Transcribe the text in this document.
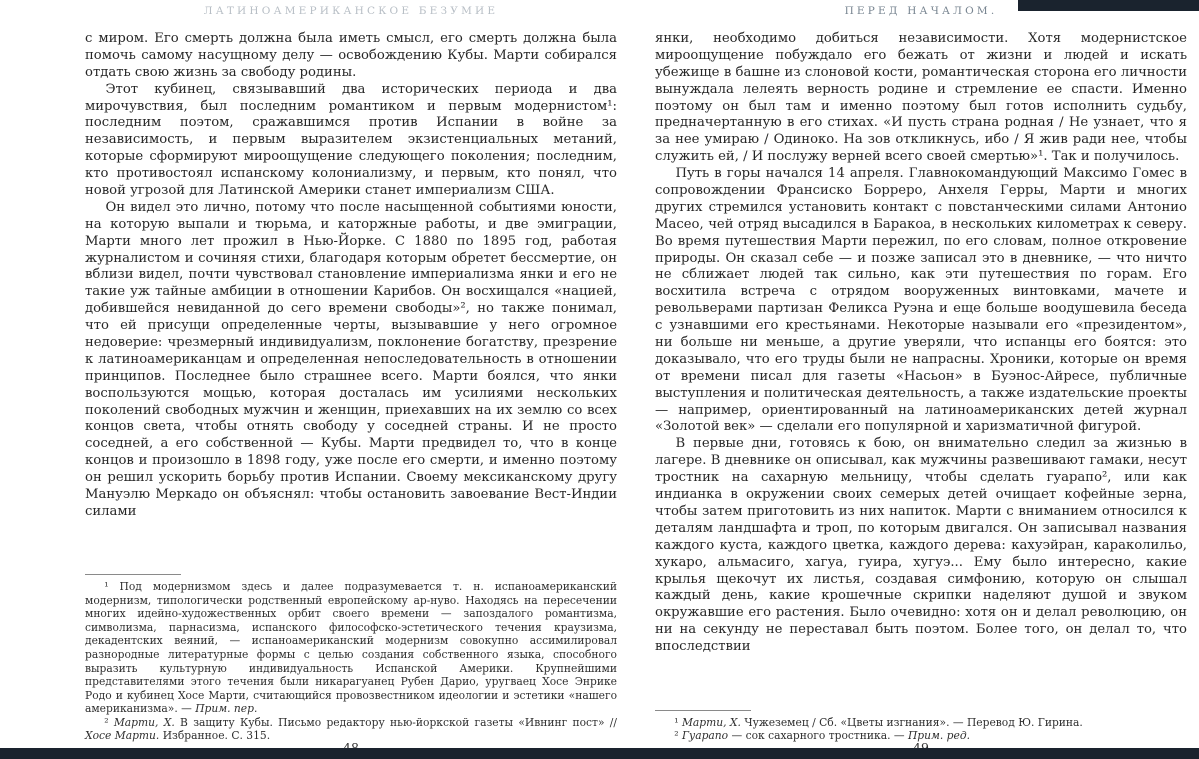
ЛАТИНОАМЕРИКАНСКОЕ БЕЗУМИЕ

с миром. Его смерть должна была иметь смысл, его смерть должна была помочь самому насущному делу — освобождению Кубы. Марти собирался отдать свою жизнь за свободу родины.

Этот кубинец, связывавший два исторических периода и два мирочувствия, был последним романтиком и первым модернистом¹: последним поэтом, сражавшимся против Испании в войне за независимость, и первым выразителем экзистенциальных метаний, которые сформируют мироощущение следующего поколения; последним, кто противостоял испанскому колониализму, и первым, кто понял, что новой угрозой для Латинской Америки станет империализм США.

Он видел это лично, потому что после насыщенной событиями юности, на которую выпали и тюрьма, и каторжные работы, и две эмиграции, Марти много лет прожил в Нью-Йорке. С 1880 по 1895 год, работая журналистом и сочиняя стихи, благодаря которым обретет бессмертие, он вблизи видел, почти чувствовал становление империализма янки и его не такие уж тайные амбиции в отношении Карибов. Он восхищался «нацией, добившейся невиданной до сего времени свободы»², но также понимал, что ей присущи определенные черты, вызывавшие у него огромное недоверие: чрезмерный индивидуализм, поклонение богатству, презрение к латиноамериканцам и определенная непоследовательность в отношении принципов. Последнее было страшнее всего. Марти боялся, что янки воспользуются мощью, которая досталась им усилиями нескольких поколений свободных мужчин и женщин, приехавших на их землю со всех концов света, чтобы отнять свободу у соседней страны. И не просто соседней, а его собственной — Кубы. Марти предвидел то, что в конце концов и произошло в 1898 году, уже после его смерти, и именно поэтому он решил ускорить борьбу против Испании. Своему мексиканскому другу Мануэлю Меркадо он объяснял: чтобы остановить завоевание Вест-Индии силами

¹ Под модернизмом здесь и далее подразумевается т. н. испаноамериканский модернизм, типологически родственный европейскому ар-нуво. Находясь на пересечении многих идейно-художественных орбит своего времени — запоздалого романтизма, символизма, парнасизма, испанского философско-эстетического течения краузизма, декадентских веяний, — испаноамериканский модернизм совокупно ассимилировал разнородные литературные формы с целью создания собственного языка, способного выразить культурную индивидуальность Испанской Америки. Крупнейшими представителями этого течения были никарагуанец Рубен Дарио, уругваец Хосе Энрике Родо и кубинец Хосе Марти, считающийся провозвестником идеологии и эстетики «нашего американизма». — Прим. пер.

² Марти, Х. В защиту Кубы. Письмо редактору нью-йоркской газеты «Ивнинг пост» // Хосе Марти. Избранное. С. 315.

ПЕРЕД НАЧАЛОМ.

янки, необходимо добиться независимости. Хотя модернистское мироощущение побуждало его бежать от жизни и людей и искать убежище в башне из слоновой кости, романтическая сторона его личности вынуждала лелеять верность родине и стремление ее спасти. Именно поэтому он был там и именно поэтому был готов исполнить судьбу, предначертанную в его стихах. «И пусть страна родная / Не узнает, что я за нее умираю / Одиноко. На зов откликнусь, ибо / Я жив ради нее, чтобы служить ей, / И послужу верней всего своей смертью»¹. Так и получилось.

Путь в горы начался 14 апреля. Главнокомандующий Максимо Гомес в сопровождении Франсиско Борреро, Анхеля Герры, Марти и многих других стремился установить контакт с повстанческими силами Антонио Масео, чей отряд высадился в Баракоа, в нескольких километрах к северу. Во время путешествия Марти пережил, по его словам, полное откровение природы. Он сказал себе — и позже записал это в дневнике, — что ничто не сближает людей так сильно, как эти путешествия по горам. Его восхитила встреча с отрядом вооруженных винтовками, мачете и револьверами партизан Феликса Руэна и еще больше воодушевила беседа с узнавшими его крестьянами. Некоторые называли его «президентом», ни больше ни меньше, а другие уверяли, что испанцы его боятся: это доказывало, что его труды были не напрасны. Хроники, которые он время от времени писал для газеты «Насьон» в Буэнос-Айресе, публичные выступления и политическая деятельность, а также издательские проекты — например, ориентированный на латиноамериканских детей журнал «Золотой век» — сделали его популярной и харизматичной фигурой.

В первые дни, готовясь к бою, он внимательно следил за жизнью в лагере. В дневнике он описывал, как мужчины развешивают гамаки, несут тростник на сахарную мельницу, чтобы сделать гуарапо², или как индианка в окружении своих семерых детей очищает кофейные зерна, чтобы затем приготовить из них напиток. Марти с вниманием относился к деталям ландшафта и троп, по которым двигался. Он записывал названия каждого куста, каждого цветка, каждого дерева: кахуэйран, караколильо, хукаро, альмасиго, хагуа, гуира, хугуэ... Ему было интересно, какие крылья щекочут их листья, создавая симфонию, которую он слышал каждый день, какие крошечные скрипки наделяют душой и звуком окружавшие его растения. Было очевидно: хотя он и делал революцию, он ни на секунду не переставал быть поэтом. Более того, он делал то, что впоследствии

¹ Марти, Х. Чужеземец / Сб. «Цветы изгнания». — Перевод Ю. Гирина.

² Гуарапо — сок сахарного тростника. — Прим. ред.
